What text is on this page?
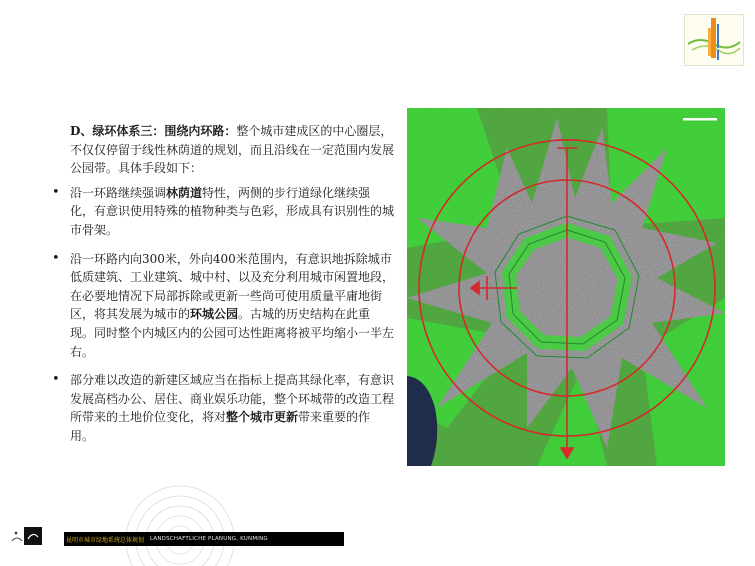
D、绿环体系三：围绕内环路：整个城市建成区的中心圈层，不仅仅停留于线性林荫道的规划，而且沿线在一定范围内发展公园带。具体手段如下：

• 沿一环路继续强调林荫道特性，两侧的步行道绿化继续强化，有意识使用特殊的植物种类与色彩，形成具有识别性的城市骨架。
• 沿一环路内向300米，外向400米范围内，有意识地拆除城市低质建筑、工业建筑、城中村、以及充分利用城市闲置地段，在必要地情况下局部拆除或更新一些尚可使用质量平庸地街区，将其发展为城市的环城公园。古城的历史结构在此重现。同时整个内城区内的公园可达性距离将被平均缩小一半左右。
• 部分难以改造的新建区域应当在指标上提高其绿化率，有意识发展高档办公、居住、商业娱乐功能，整个环城带的改造工程所带来的土地价位变化，将对整个城市更新带来重要的作用。
昆明市城市绿地系统总体规划 LANDSCHAFTLICHE PLANUNG, KUNMING
